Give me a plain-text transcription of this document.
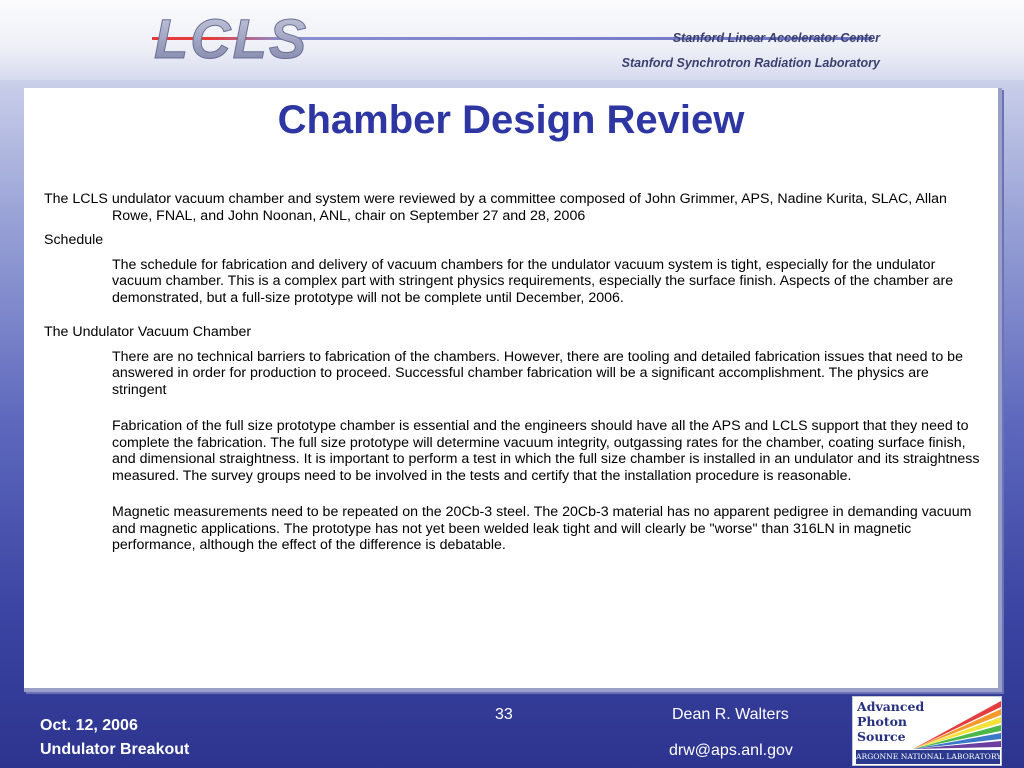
LCLS	Stanford Linear Accelerator Center
Stanford Synchrotron Radiation Laboratory
Chamber Design Review

The LCLS undulator vacuum chamber and system were reviewed by a committee composed of John Grimmer, APS, Nadine Kurita, SLAC, Allan Rowe, FNAL, and John Noonan, ANL, chair on September 27 and 28, 2006

Schedule

The schedule for fabrication and delivery of vacuum chambers for the undulator vacuum system is tight, especially for the undulator vacuum chamber. This is a complex part with stringent physics requirements, especially the surface finish. Aspects of the chamber are demonstrated, but a full-size prototype will not be complete until December, 2006.

The Undulator Vacuum Chamber

There are no technical barriers to fabrication of the chambers. However, there are tooling and detailed fabrication issues that need to be answered in order for production to proceed. Successful chamber fabrication will be a significant accomplishment. The physics are stringent

Fabrication of the full size prototype chamber is essential and the engineers should have all the APS and LCLS support that they need to complete the fabrication. The full size prototype will determine vacuum integrity, outgassing rates for the chamber, coating surface finish, and dimensional straightness. It is important to perform a test in which the full size chamber is installed in an undulator and its straightness measured. The survey groups need to be involved in the tests and certify that the installation procedure is reasonable.

Magnetic measurements need to be repeated on the 20Cb-3 steel. The 20Cb-3 material has no apparent pedigree in demanding vacuum and magnetic applications. The prototype has not yet been welded leak tight and will clearly be "worse" than 316LN in magnetic performance, although the effect of the difference is debatable.

Oct. 12, 2006
Undulator Breakout
33	Dean R. Walters
drw@aps.anl.gov
Advanced
Photon
Source
ARGONNE NATIONAL LABORATORY
